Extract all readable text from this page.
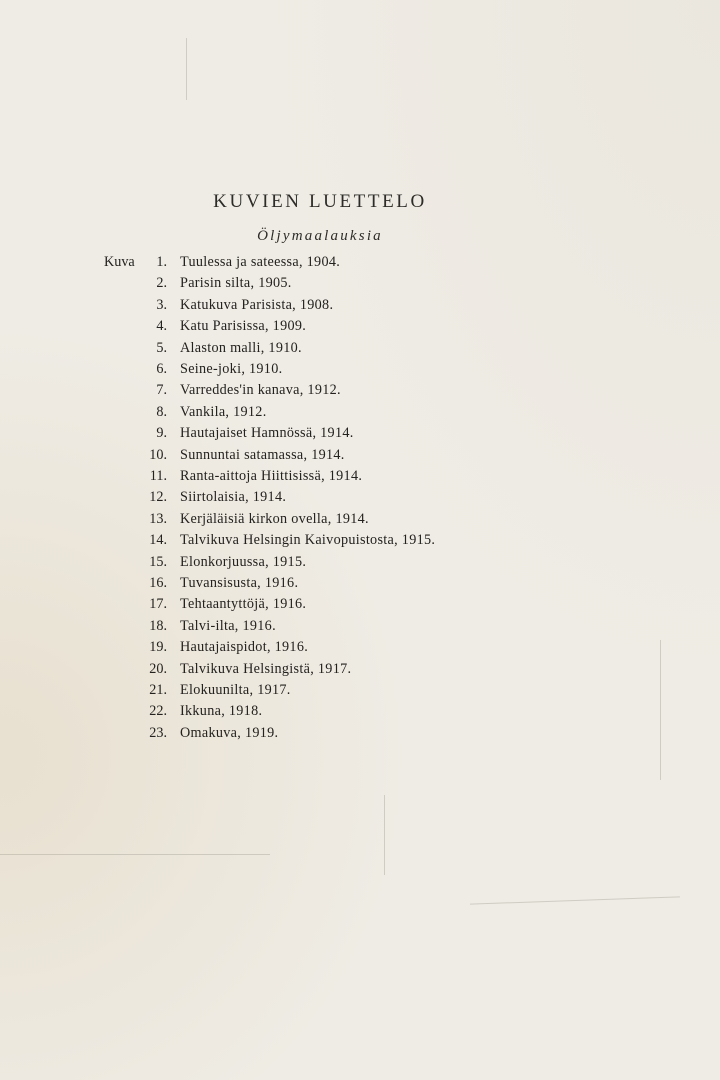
KUVIEN LUETTELO
Öljymaalauksia
Kuva 1. Tuulessa ja sateessa, 1904.
2. Parisin silta, 1905.
3. Katukuva Parisista, 1908.
4. Katu Parisissa, 1909.
5. Alaston malli, 1910.
6. Seine-joki, 1910.
7. Varreddes'in kanava, 1912.
8. Vankila, 1912.
9. Hautajaiset Hamnössä, 1914.
10. Sunnuntai satamassa, 1914.
11. Ranta-aittoja Hiittisissä, 1914.
12. Siirtolaisia, 1914.
13. Kerjäläisiä kirkon ovella, 1914.
14. Talvikuva Helsingin Kaivopuistosta, 1915.
15. Elonkorjuussa, 1915.
16. Tuvansisusta, 1916.
17. Tehtaantyttöjä, 1916.
18. Talvi-ilta, 1916.
19. Hautajaispidot, 1916.
20. Talvikuva Helsingistä, 1917.
21. Elokuunilta, 1917.
22. Ikkuna, 1918.
23. Omakuva, 1919.
